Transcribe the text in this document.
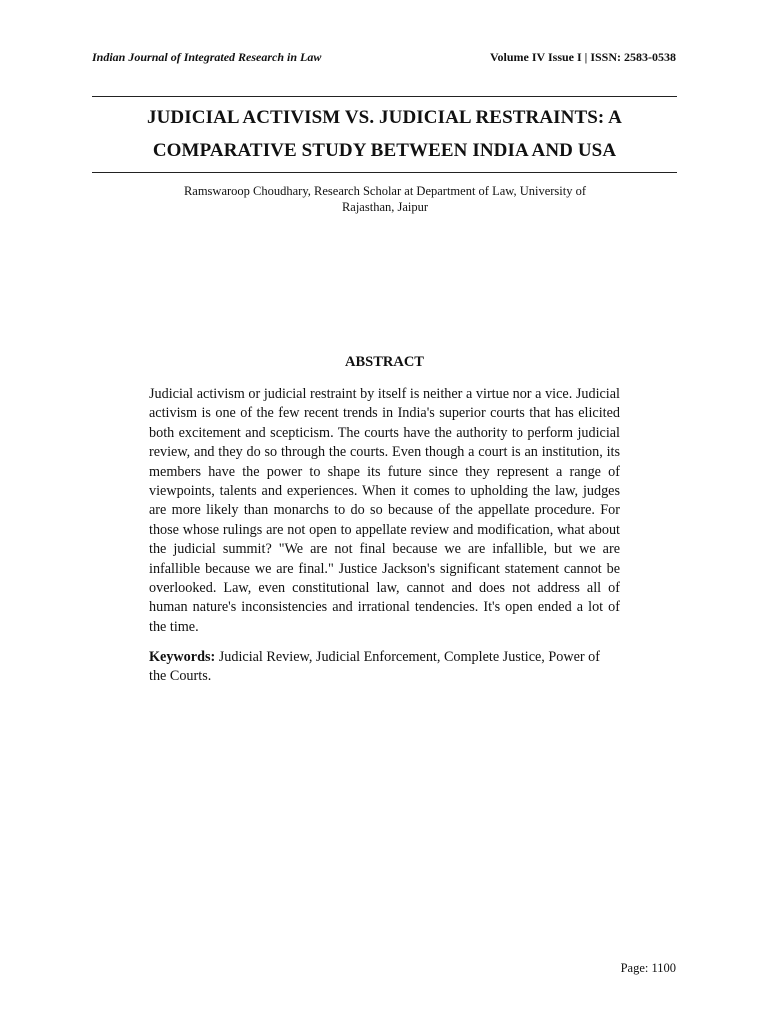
Indian Journal of Integrated Research in Law	Volume IV Issue I | ISSN: 2583-0538
JUDICIAL ACTIVISM VS. JUDICIAL RESTRAINTS: A
COMPARATIVE STUDY BETWEEN INDIA AND USA
Ramswaroop Choudhary, Research Scholar at Department of Law, University of
Rajasthan, Jaipur
ABSTRACT

Judicial activism or judicial restraint by itself is neither a virtue nor a vice. Judicial activism is one of the few recent trends in India's superior courts that has elicited both excitement and scepticism. The courts have the authority to perform judicial review, and they do so through the courts. Even though a court is an institution, its members have the power to shape its future since they represent a range of viewpoints, talents and experiences. When it comes to upholding the law, judges are more likely than monarchs to do so because of the appellate procedure. For those whose rulings are not open to appellate review and modification, what about the judicial summit? "We are not final because we are infallible, but we are infallible because we are final." Justice Jackson's significant statement cannot be overlooked. Law, even constitutional law, cannot and does not address all of human nature's inconsistencies and irrational tendencies. It's open ended a lot of the time.

Keywords: Judicial Review, Judicial Enforcement, Complete Justice, Power of the Courts.

Page: 1100
